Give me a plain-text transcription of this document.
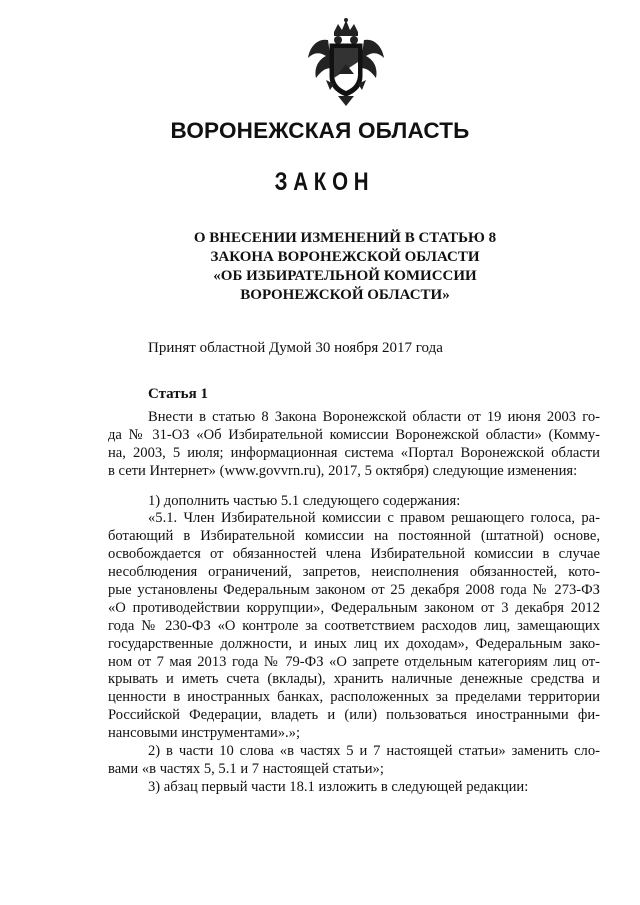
ВОРОНЕЖСКАЯ ОБЛАСТЬ
ЗАКОН
О ВНЕСЕНИИ ИЗМЕНЕНИЙ В СТАТЬЮ 8
ЗАКОНА ВОРОНЕЖСКОЙ ОБЛАСТИ
«ОБ ИЗБИРАТЕЛЬНОЙ КОМИССИИ
ВОРОНЕЖСКОЙ ОБЛАСТИ»
Принят областной Думой 30 ноября 2017 года
Статья 1
Внести в статью 8 Закона Воронежской области от 19 июня 2003 го-
да № 31-ОЗ «Об Избирательной комиссии Воронежской области» (Комму-
на, 2003, 5 июля; информационная система «Портал Воронежской области
в сети Интернет» (www.govvrn.ru), 2017, 5 октября) следующие изменения:
1) дополнить частью 5.1 следующего содержания:
«5.1. Член Избирательной комиссии с правом решающего голоса, ра-
ботающий в Избирательной комиссии на постоянной (штатной) основе,
освобождается от обязанностей члена Избирательной комиссии в случае
несоблюдения ограничений, запретов, неисполнения обязанностей, кото-
рые установлены Федеральным законом от 25 декабря 2008 года № 273-ФЗ
«О противодействии коррупции», Федеральным законом от 3 декабря 2012
года № 230-ФЗ «О контроле за соответствием расходов лиц, замещающих
государственные должности, и иных лиц их доходам», Федеральным зако-
ном от 7 мая 2013 года № 79-ФЗ «О запрете отдельным категориям лиц от-
крывать и иметь счета (вклады), хранить наличные денежные средства и
ценности в иностранных банках, расположенных за пределами территории
Российской Федерации, владеть и (или) пользоваться иностранными фи-
нансовыми инструментами».»;
2) в части 10 слова «в частях 5 и 7 настоящей статьи» заменить сло-
вами «в частях 5, 5.1 и 7 настоящей статьи»;
3) абзац первый части 18.1 изложить в следующей редакции:
